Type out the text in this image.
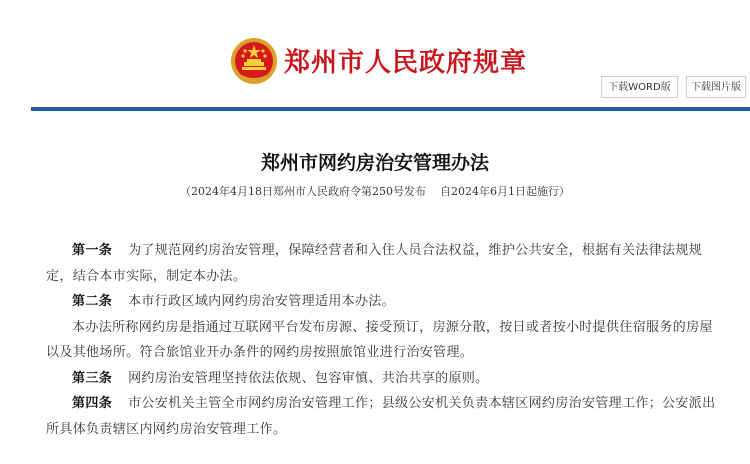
郑州市人民政府规章
下载WORD版	下载图片版
郑州市网约房治安管理办法
（2024年4月18日郑州市人民政府令第250号发布    自2024年6月1日起施行）

第一条 为了规范网约房治安管理，保障经营者和入住人员合法权益，维护公共安全，根据有关法律法规规定，结合本市实际，制定本办法。

第二条 本市行政区域内网约房治安管理适用本办法。

本办法所称网约房是指通过互联网平台发布房源、接受预订，房源分散，按日或者按小时提供住宿服务的房屋以及其他场所。符合旅馆业开办条件的网约房按照旅馆业进行治安管理。

第三条 网约房治安管理坚持依法依规、包容审慎、共治共享的原则。

第四条 市公安机关主管全市网约房治安管理工作；县级公安机关负责本辖区网约房治安管理工作；公安派出所具体负责辖区内网约房治安管理工作。
